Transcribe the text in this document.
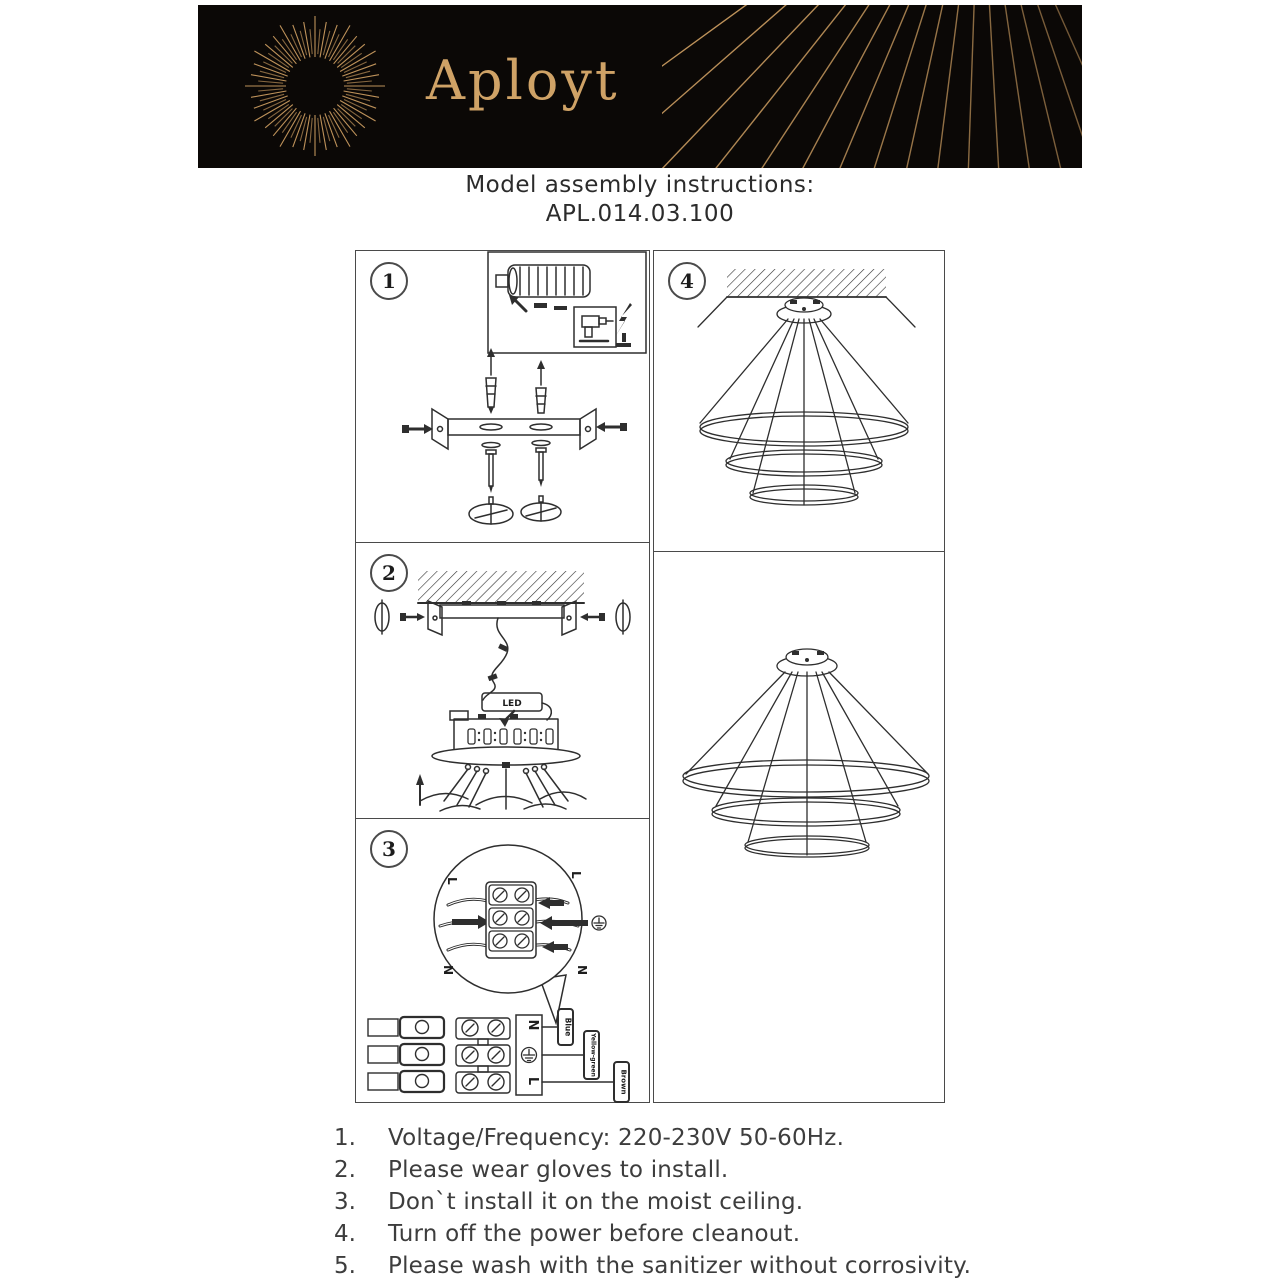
Aployt
Model assembly instructions:
APL.014.03.100
1
2
LED
3
L
L
N	N
N
L
Blue
Yellow-green
Brown
4
1.	Voltage/Frequency: 220-230V 50-60Hz.
2.	Please wear gloves to install.
3.	Don`t install it on the moist ceiling.
4.	Turn off the power before cleanout.
5.	Please wash with the sanitizer without corrosivity.
